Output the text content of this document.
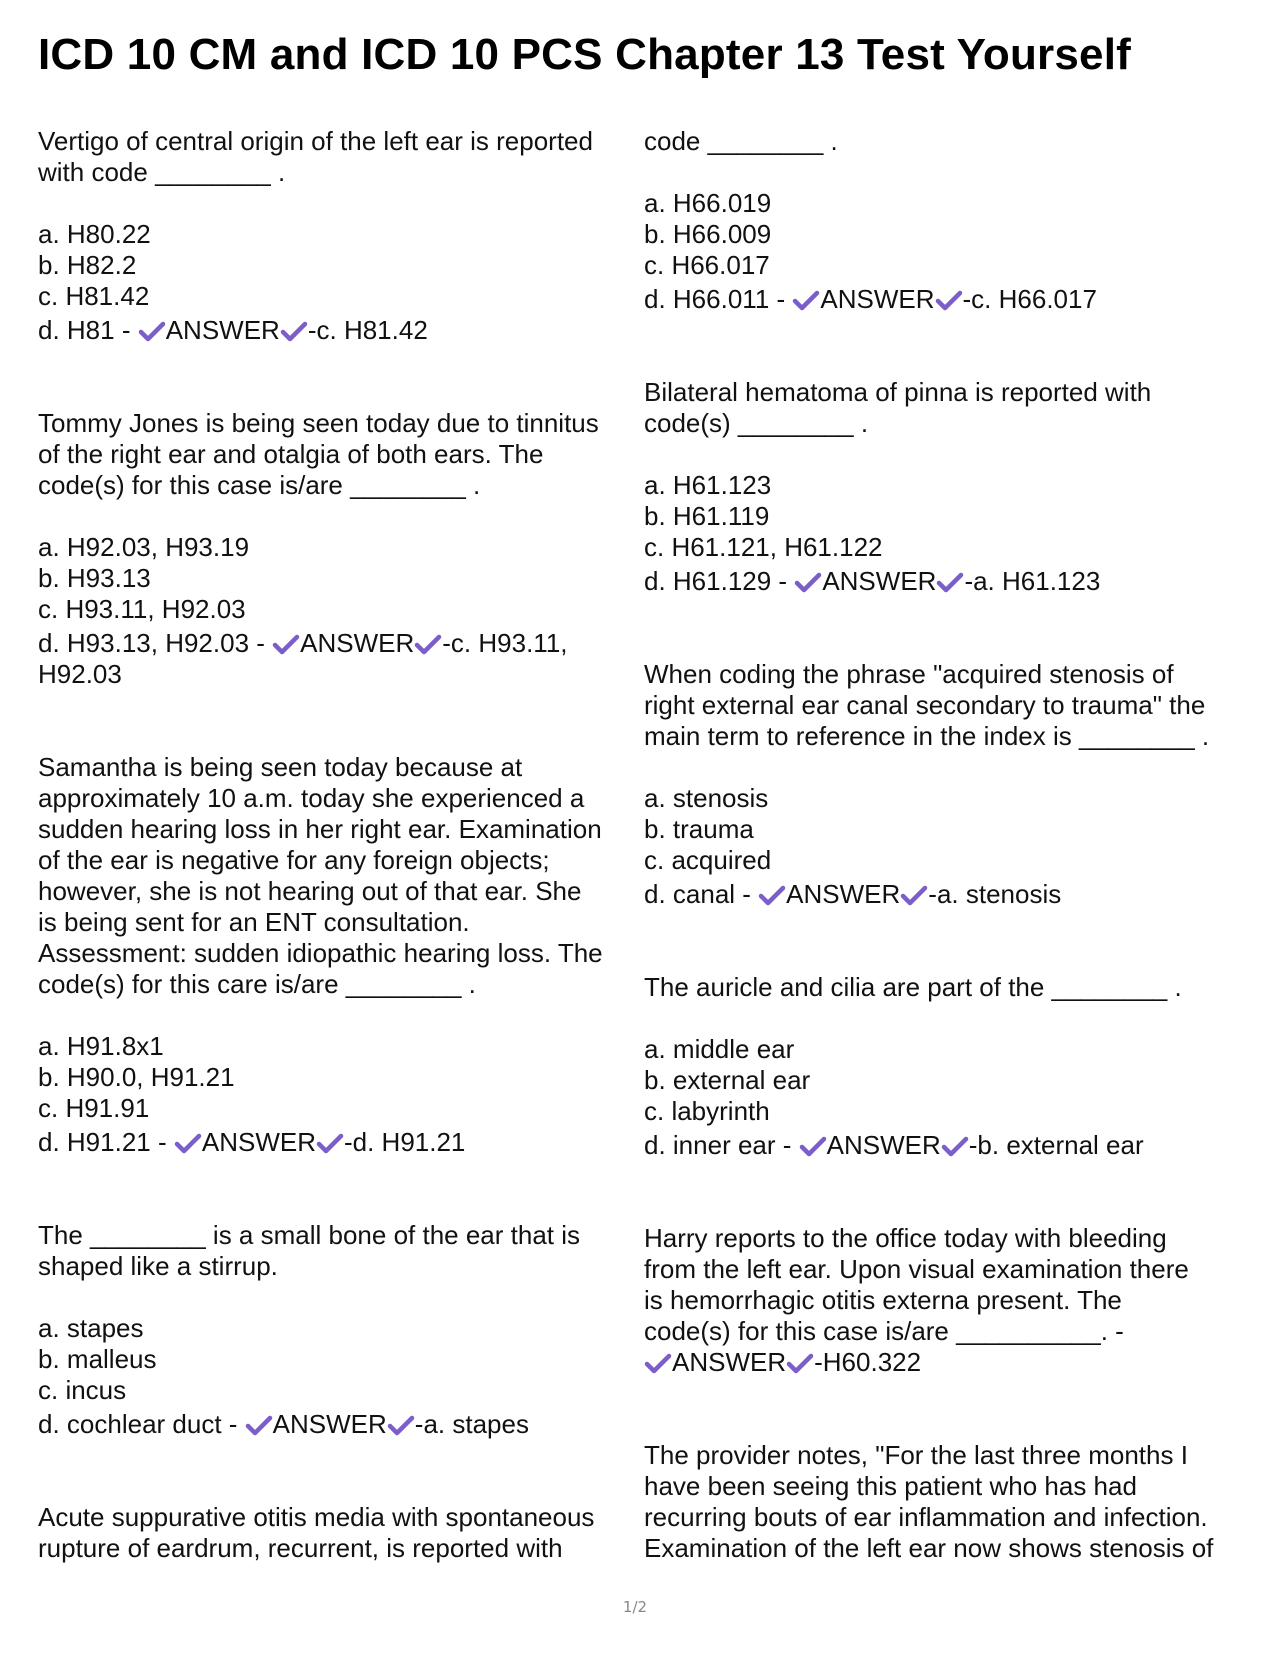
ICD 10 CM and ICD 10 PCS Chapter 13 Test Yourself

Vertigo of central origin of the left ear is reported
with code ________ .

a. H80.22
b. H82.2
c. H81.42
d. H81 -
ANSWER -c. H81.42

Tommy Jones is being seen today due to tinnitus
of the right ear and otalgia of both ears. The
code(s) for this case is/are ________ .

a. H92.03, H93.19
b. H93.13
c. H93.11, H92.03
d. H93.13, H92.03 -
ANSWER -c. H93.11,
H92.03

Samantha is being seen today because at
approximately 10 a.m. today she experienced a
sudden hearing loss in her right ear. Examination
of the ear is negative for any foreign objects;
however, she is not hearing out of that ear. She
is being sent for an ENT consultation.
Assessment: sudden idiopathic hearing loss. The
code(s) for this care is/are ________ .

a. H91.8x1
b. H90.0, H91.21
c. H91.91
d. H91.21 -
ANSWER -d. H91.21

The ________ is a small bone of the ear that is
shaped like a stirrup.

a. stapes
b. malleus
c. incus
d. cochlear duct -
ANSWER -a. stapes

Acute suppurative otitis media with spontaneous
rupture of eardrum, recurrent, is reported with

code ________ .

a. H66.019
b. H66.009
c. H66.017
d. H66.011 -
ANSWER -c. H66.017

Bilateral hematoma of pinna is reported with
code(s) ________ .

a. H61.123
b. H61.119
c. H61.121, H61.122
d. H61.129 -
ANSWER -a. H61.123

When coding the phrase "acquired stenosis of
right external ear canal secondary to trauma" the
main term to reference in the index is ________ .

a. stenosis
b. trauma
c. acquired
d. canal -
ANSWER -a. stenosis

The auricle and cilia are part of the ________ .

a. middle ear
b. external ear
c. labyrinth
d. inner ear -
ANSWER -b. external ear

Harry reports to the office today with bleeding
from the left ear. Upon visual examination there
is hemorrhagic otitis externa present. The
code(s) for this case is/are __________. -

ANSWER -H60.322

The provider notes, "For the last three months I
have been seeing this patient who has had
recurring bouts of ear inflammation and infection.
Examination of the left ear now shows stenosis of

1/2
